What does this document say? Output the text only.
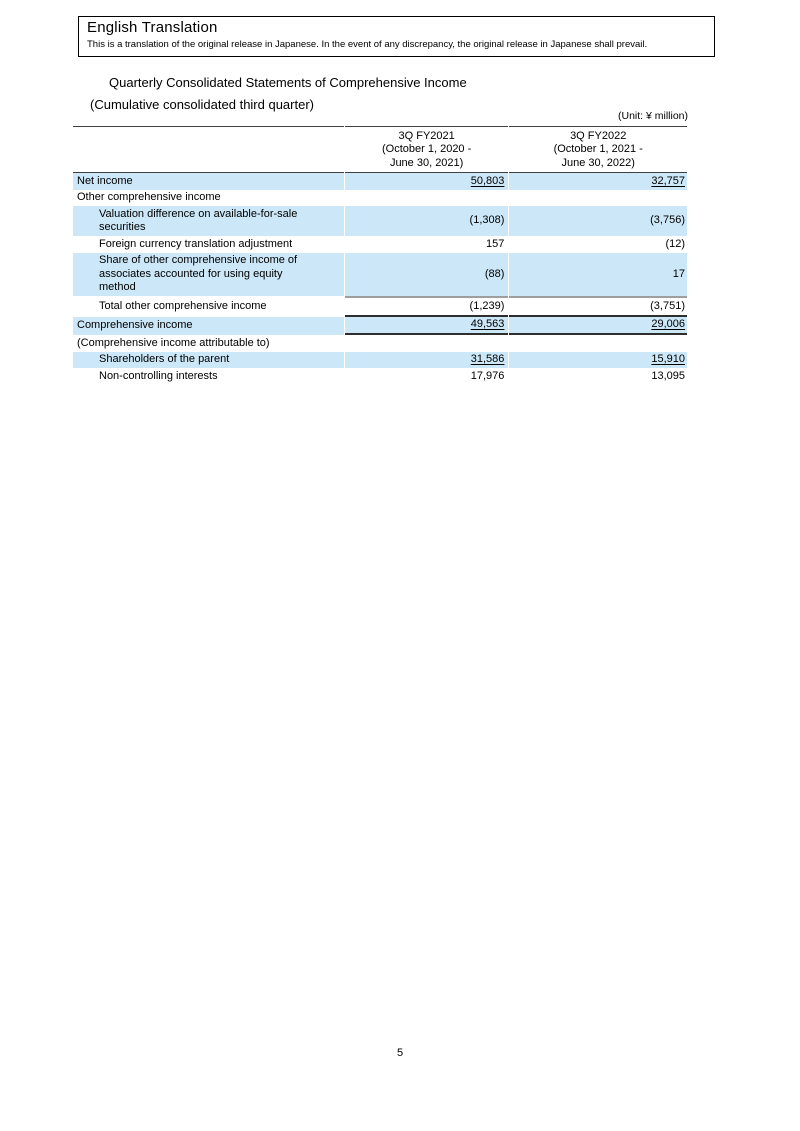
English Translation
This is a translation of the original release in Japanese. In the event of any discrepancy, the original release in Japanese shall prevail.
Quarterly Consolidated Statements of Comprehensive Income
(Cumulative consolidated third quarter)
(Unit: ¥ million)

3Q FY2021
(October 1, 2020 -
June 30, 2021)

3Q FY2022
(October 1, 2021 -
June 30, 2022)

Net income	50,803	32,757
Other comprehensive income		
Valuation difference on available-for-sale
securities	(1,308)	(3,756)
Foreign currency translation adjustment	157	(12)
Share of other comprehensive income of
associates accounted for using equity
method	(88)	17
Total other comprehensive income	(1,239)	(3,751)
Comprehensive income	49,563	29,006
(Comprehensive income attributable to)		
Shareholders of the parent	31,586	15,910
Non-controlling interests	17,976	13,095
5
